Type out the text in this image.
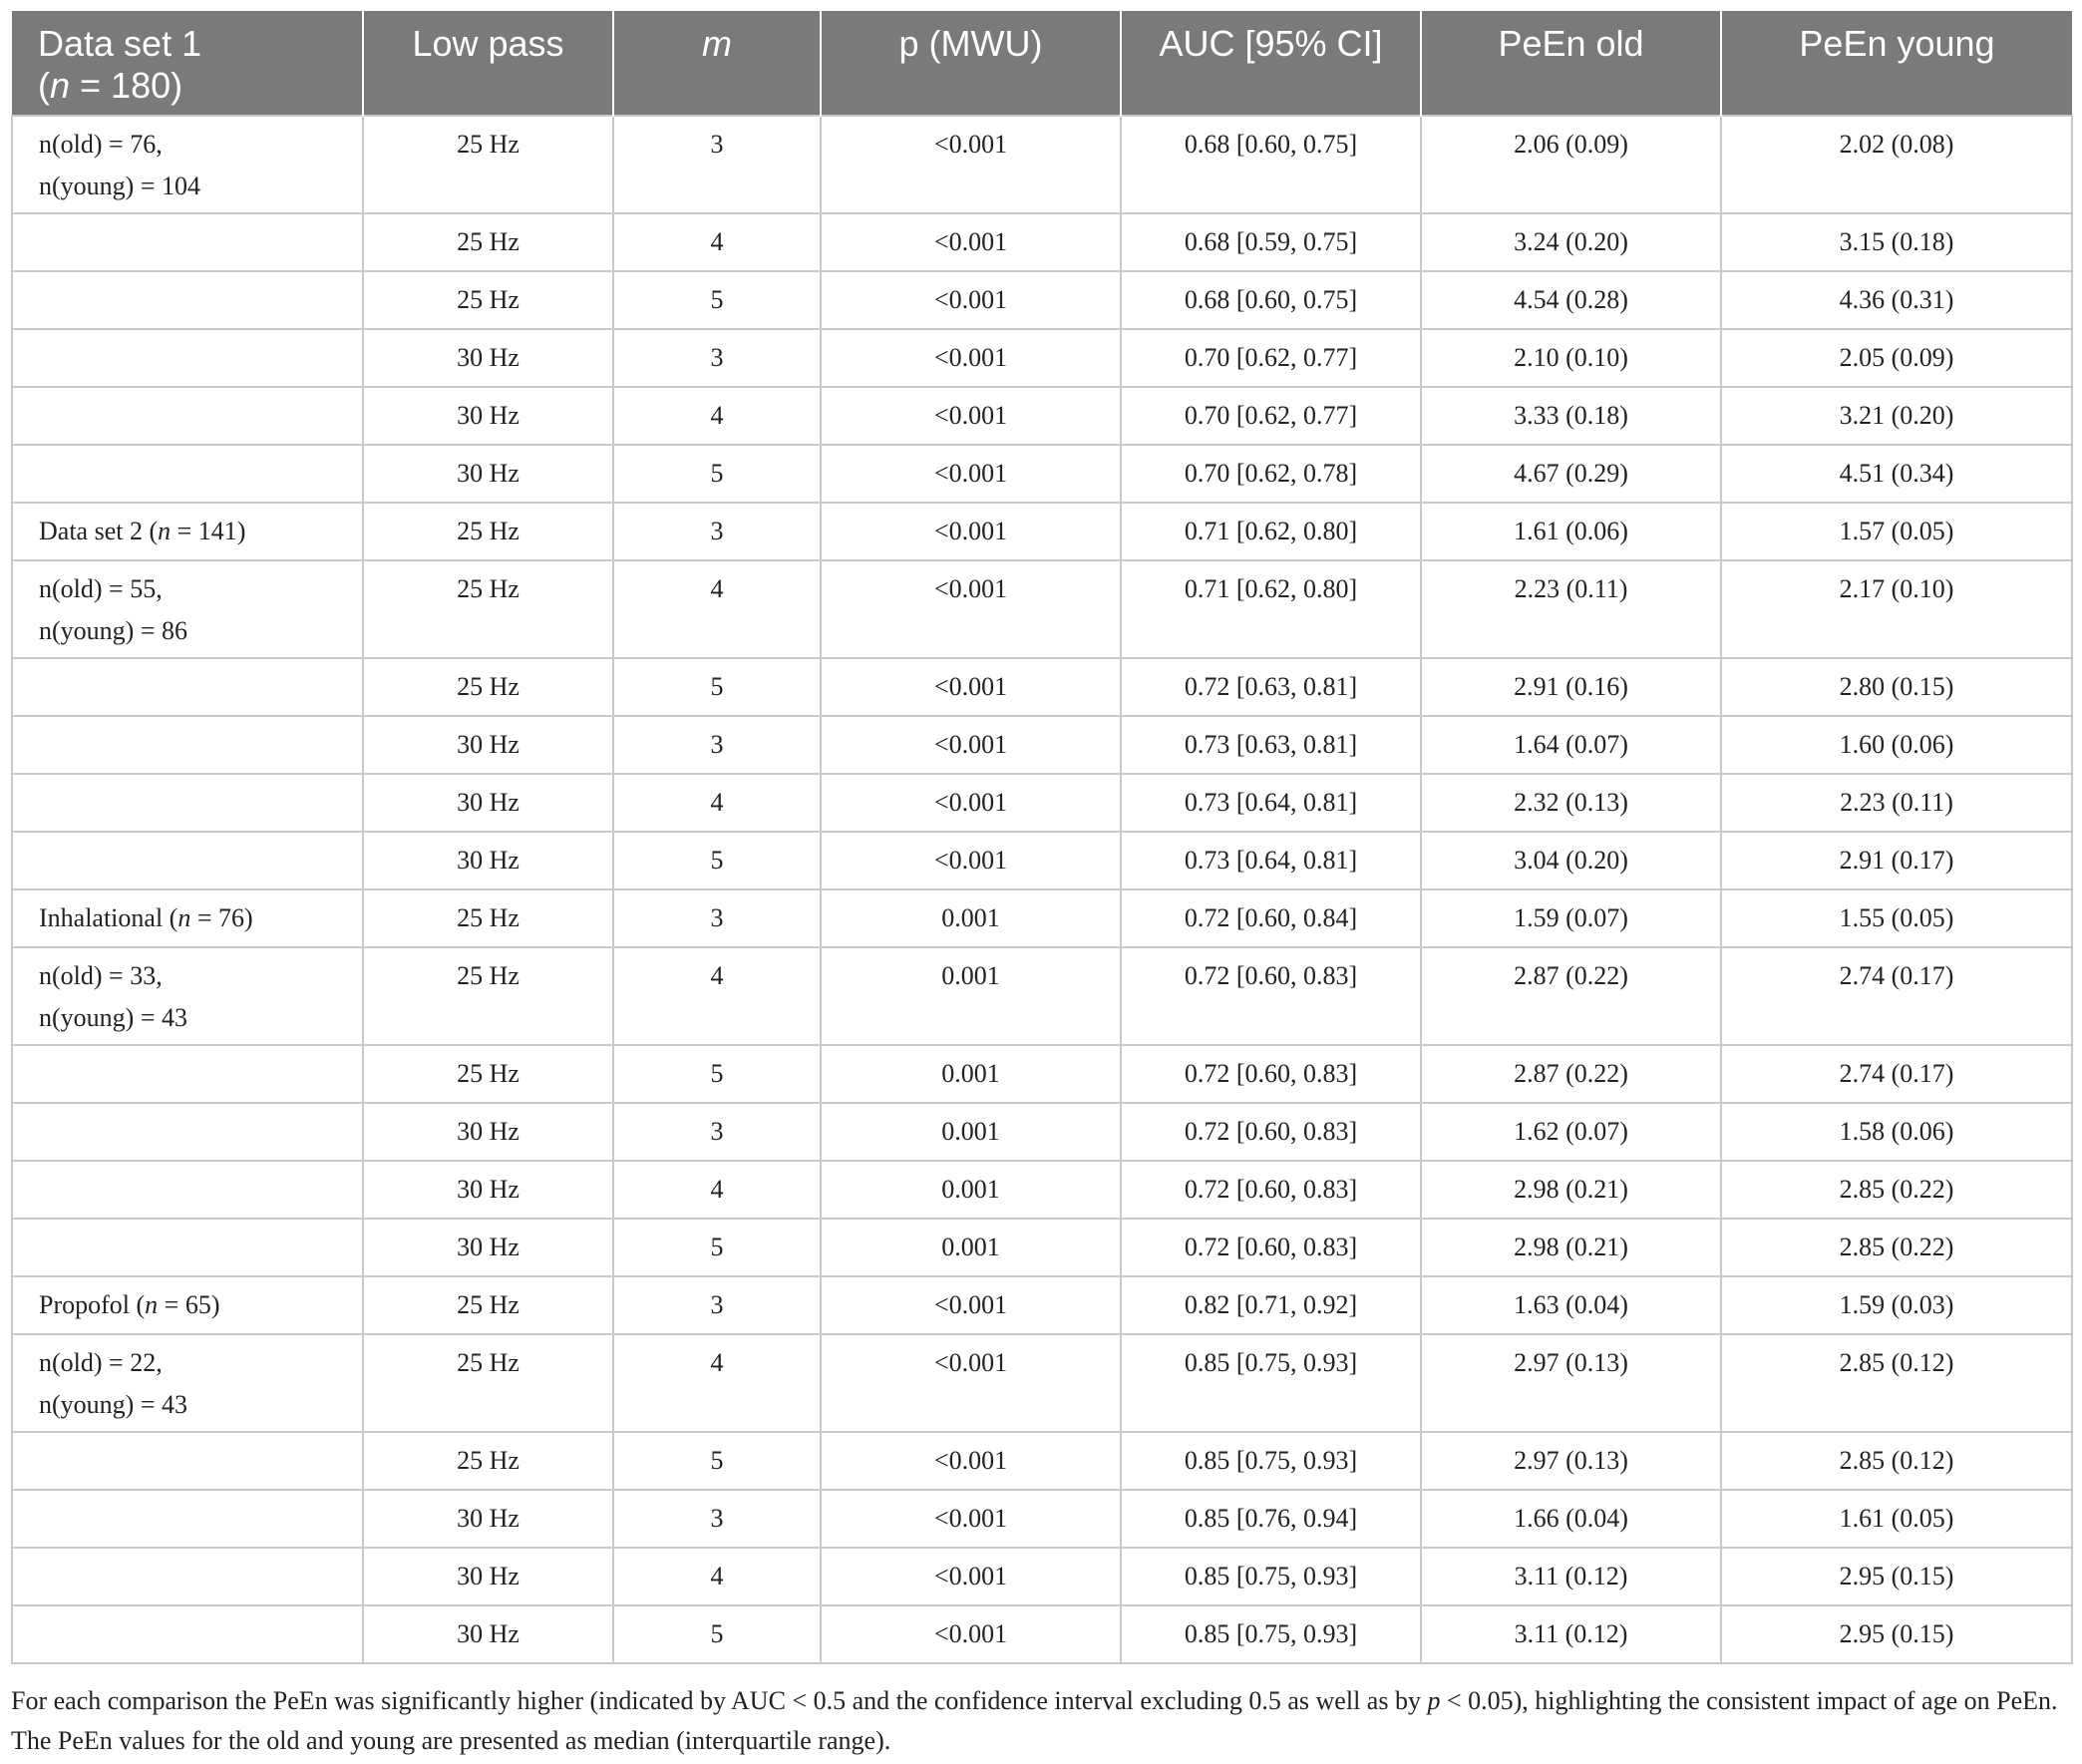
Data set 1
(n = 180)	Low pass	m	p (MWU)	AUC [95% CI]	PeEn old	PeEn young
n(old) = 76,
n(young) = 104	25 Hz	3	<0.001	0.68 [0.60, 0.75]	2.06 (0.09)	2.02 (0.08)
	25 Hz	4	<0.001	0.68 [0.59, 0.75]	3.24 (0.20)	3.15 (0.18)
	25 Hz	5	<0.001	0.68 [0.60, 0.75]	4.54 (0.28)	4.36 (0.31)
	30 Hz	3	<0.001	0.70 [0.62, 0.77]	2.10 (0.10)	2.05 (0.09)
	30 Hz	4	<0.001	0.70 [0.62, 0.77]	3.33 (0.18)	3.21 (0.20)
	30 Hz	5	<0.001	0.70 [0.62, 0.78]	4.67 (0.29)	4.51 (0.34)
Data set 2 (n = 141)	25 Hz	3	<0.001	0.71 [0.62, 0.80]	1.61 (0.06)	1.57 (0.05)
n(old) = 55,
n(young) = 86	25 Hz	4	<0.001	0.71 [0.62, 0.80]	2.23 (0.11)	2.17 (0.10)
	25 Hz	5	<0.001	0.72 [0.63, 0.81]	2.91 (0.16)	2.80 (0.15)
	30 Hz	3	<0.001	0.73 [0.63, 0.81]	1.64 (0.07)	1.60 (0.06)
	30 Hz	4	<0.001	0.73 [0.64, 0.81]	2.32 (0.13)	2.23 (0.11)
	30 Hz	5	<0.001	0.73 [0.64, 0.81]	3.04 (0.20)	2.91 (0.17)
Inhalational (n = 76)	25 Hz	3	0.001	0.72 [0.60, 0.84]	1.59 (0.07)	1.55 (0.05)
n(old) = 33,
n(young) = 43	25 Hz	4	0.001	0.72 [0.60, 0.83]	2.87 (0.22)	2.74 (0.17)
	25 Hz	5	0.001	0.72 [0.60, 0.83]	2.87 (0.22)	2.74 (0.17)
	30 Hz	3	0.001	0.72 [0.60, 0.83]	1.62 (0.07)	1.58 (0.06)
	30 Hz	4	0.001	0.72 [0.60, 0.83]	2.98 (0.21)	2.85 (0.22)
	30 Hz	5	0.001	0.72 [0.60, 0.83]	2.98 (0.21)	2.85 (0.22)
Propofol (n = 65)	25 Hz	3	<0.001	0.82 [0.71, 0.92]	1.63 (0.04)	1.59 (0.03)
n(old) = 22,
n(young) = 43	25 Hz	4	<0.001	0.85 [0.75, 0.93]	2.97 (0.13)	2.85 (0.12)
	25 Hz	5	<0.001	0.85 [0.75, 0.93]	2.97 (0.13)	2.85 (0.12)
	30 Hz	3	<0.001	0.85 [0.76, 0.94]	1.66 (0.04)	1.61 (0.05)
	30 Hz	4	<0.001	0.85 [0.75, 0.93]	3.11 (0.12)	2.95 (0.15)
	30 Hz	5	<0.001	0.85 [0.75, 0.93]	3.11 (0.12)	2.95 (0.15)
For each comparison the PeEn was significantly higher (indicated by AUC < 0.5 and the confidence interval excluding 0.5 as well as by p < 0.05), highlighting the consistent impact of age on PeEn. The PeEn values for the old and young are presented as median (interquartile range).
